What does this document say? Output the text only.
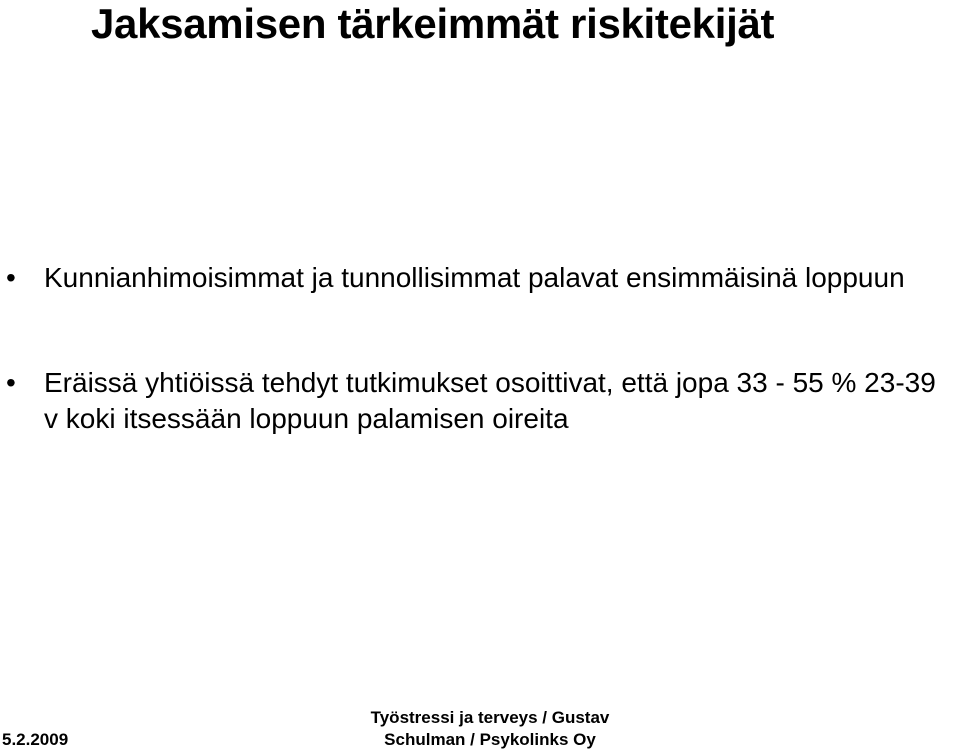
Jaksamisen tärkeimmät riskitekijät
• Kunnianhimoisimmat ja tunnollisimmat palavat ensimmäisinä loppuun
• Eräissä yhtiöissä tehdyt tutkimukset osoittivat, että jopa 33 - 55 % 23-39 v koki itsessään loppuun palamisen oireita
5.2.2009
Työstressi ja terveys / Gustav
Schulman / Psykolinks Oy
